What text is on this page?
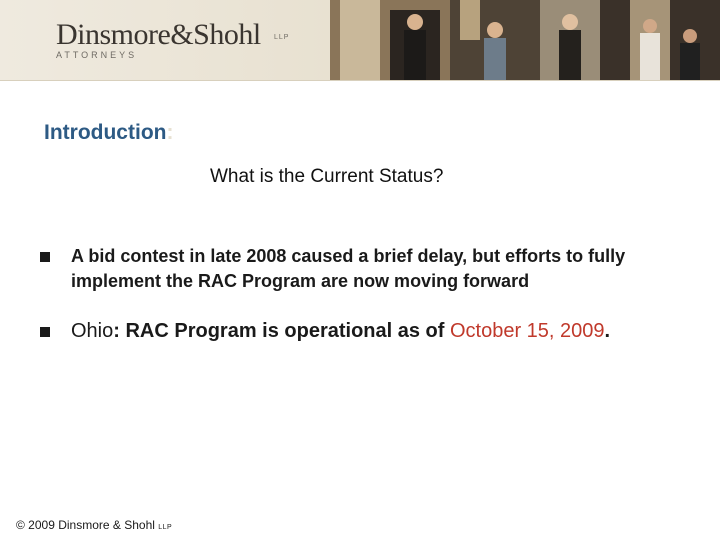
Dinsmore&Shohl LLP
ATTORNEYS
Introduction:
What is the Current Status?
A bid contest in late 2008 caused a brief delay, but efforts to fully implement the RAC Program are now moving forward
Ohio: RAC Program is operational as of October 15, 2009.
© 2009 Dinsmore & Shohl LLP
